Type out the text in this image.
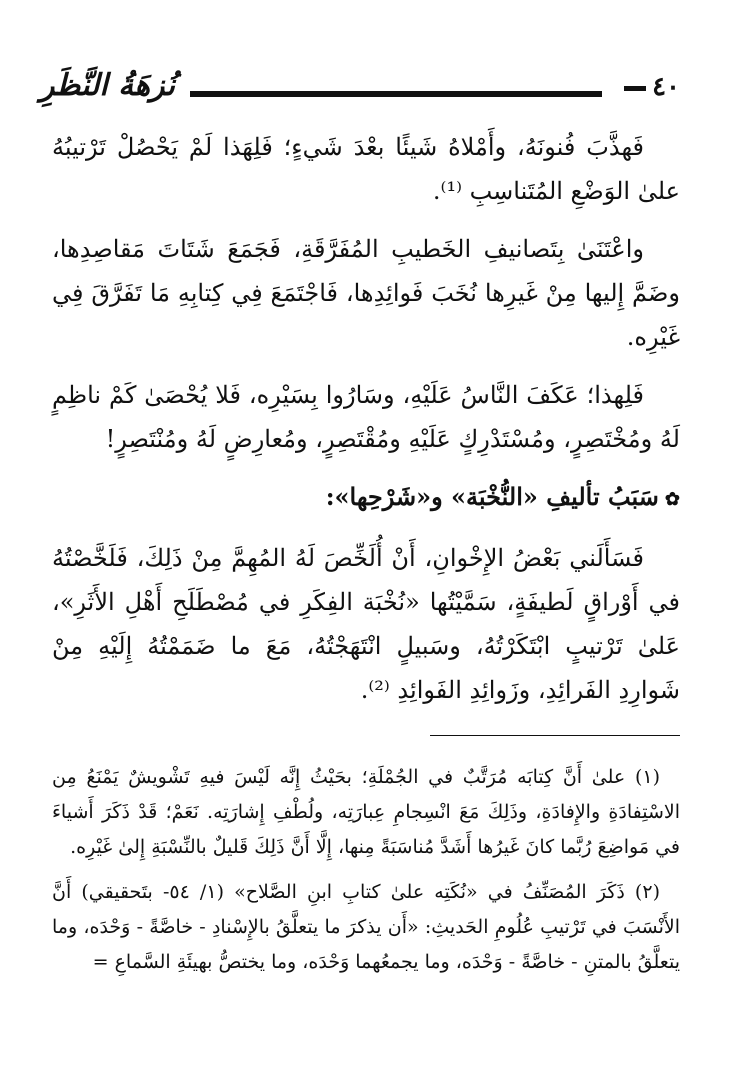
٤٠
نُزهَةُ النَّظَرِ

فَهذَّبَ فُنونَهُ، وأَمْلاهُ شَيئًا بعْدَ شَيءٍ؛ فَلِهَذا لَمْ يَحْصُلْ تَرْتيبُهُ علىٰ الوَضْعِ المُتَناسِبِ ⁽¹⁾.

واعْتَنَىٰ بِتَصانيفِ الخَطيبِ المُفَرَّقَةِ، فَجَمَعَ شَتَاتَ مَقاصِدِها، وضَمَّ إِليها مِنْ غَيرِها نُخَبَ فَوائِدِها، فَاجْتَمَعَ فِي كِتابِهِ مَا تَفَرَّقَ فِي غَيْرِه.

فَلِهذا؛ عَكَفَ النَّاسُ عَلَيْهِ، وسَارُوا بِسَيْرِه، فَلا يُحْصَىٰ كَمْ ناظِمٍ لَهُ ومُخْتَصِرٍ، ومُسْتَدْرِكٍ عَلَيْهِ ومُقْتَصِرٍ، ومُعارِضٍ لَهُ ومُنْتَصِرٍ!

✿سَبَبُ تأليفِ «النُّخْبَة» و«شَرْحِها»:

فَسَأَلَني بَعْضُ الإِخْوانِ، أَنْ أُلَخِّصَ لَهُ المُهِمَّ مِنْ ذَلِكَ، فَلَخَّصْتُهُ في أَوْراقٍ لَطيفَةٍ، سَمَّيْتُها «نُخْبَة الفِكَرِ في مُصْطَلَحِ أَهْلِ الأَثَرِ»، عَلىٰ تَرْتيبٍ ابْتَكَرْتُهُ، وسَبيلٍ انْتَهَجْتُهُ، مَعَ ما ضَمَمْتُهُ إِلَيْهِ مِنْ شَوارِدِ الفَرائِدِ، وزَوائِدِ الفَوائِدِ ⁽²⁾.

(١) علىٰ أَنَّ كِتابَه مُرَتَّبٌ في الجُمْلَةِ؛ بحَيْثُ إِنَّه لَيْسَ فيهِ تَشْويشٌ يَمْنَعُ مِن الاسْتِفادَةِ والإِفادَةِ، وذَلِكَ مَعَ انْسِجامِ عِبارَتِه، ولُطْفِ إِشارَتِه. نَعَمْ؛ قَدْ ذَكَرَ أَشياءَ في مَواضِعَ رُبَّما كانَ غَيرُها أَشَدَّ مُناسَبَةً مِنها، إِلَّا أَنَّ ذَلِكَ قَليلٌ بالنِّسْبَةِ إِلىٰ غَيْرِه.

(٢) ذَكَرَ المُصَنِّفُ في «نُكَتِه علىٰ كتابِ ابنِ الصَّلاح» (١/ ٥٤- بتَحقيقي) أَنَّ الأَنْسَبَ في تَرْتيبِ عُلُومِ الحَديثِ: «أَن يذكرَ ما يتعلَّقُ بالإِسْنادِ - خاصَّةً - وَحْدَه، وما يتعلَّقُ بالمتنِ - خاصَّةً - وَحْدَه، وما يجمعُهما وَحْدَه، وما يختصُّ بهيئَةِ السَّماعِ =
